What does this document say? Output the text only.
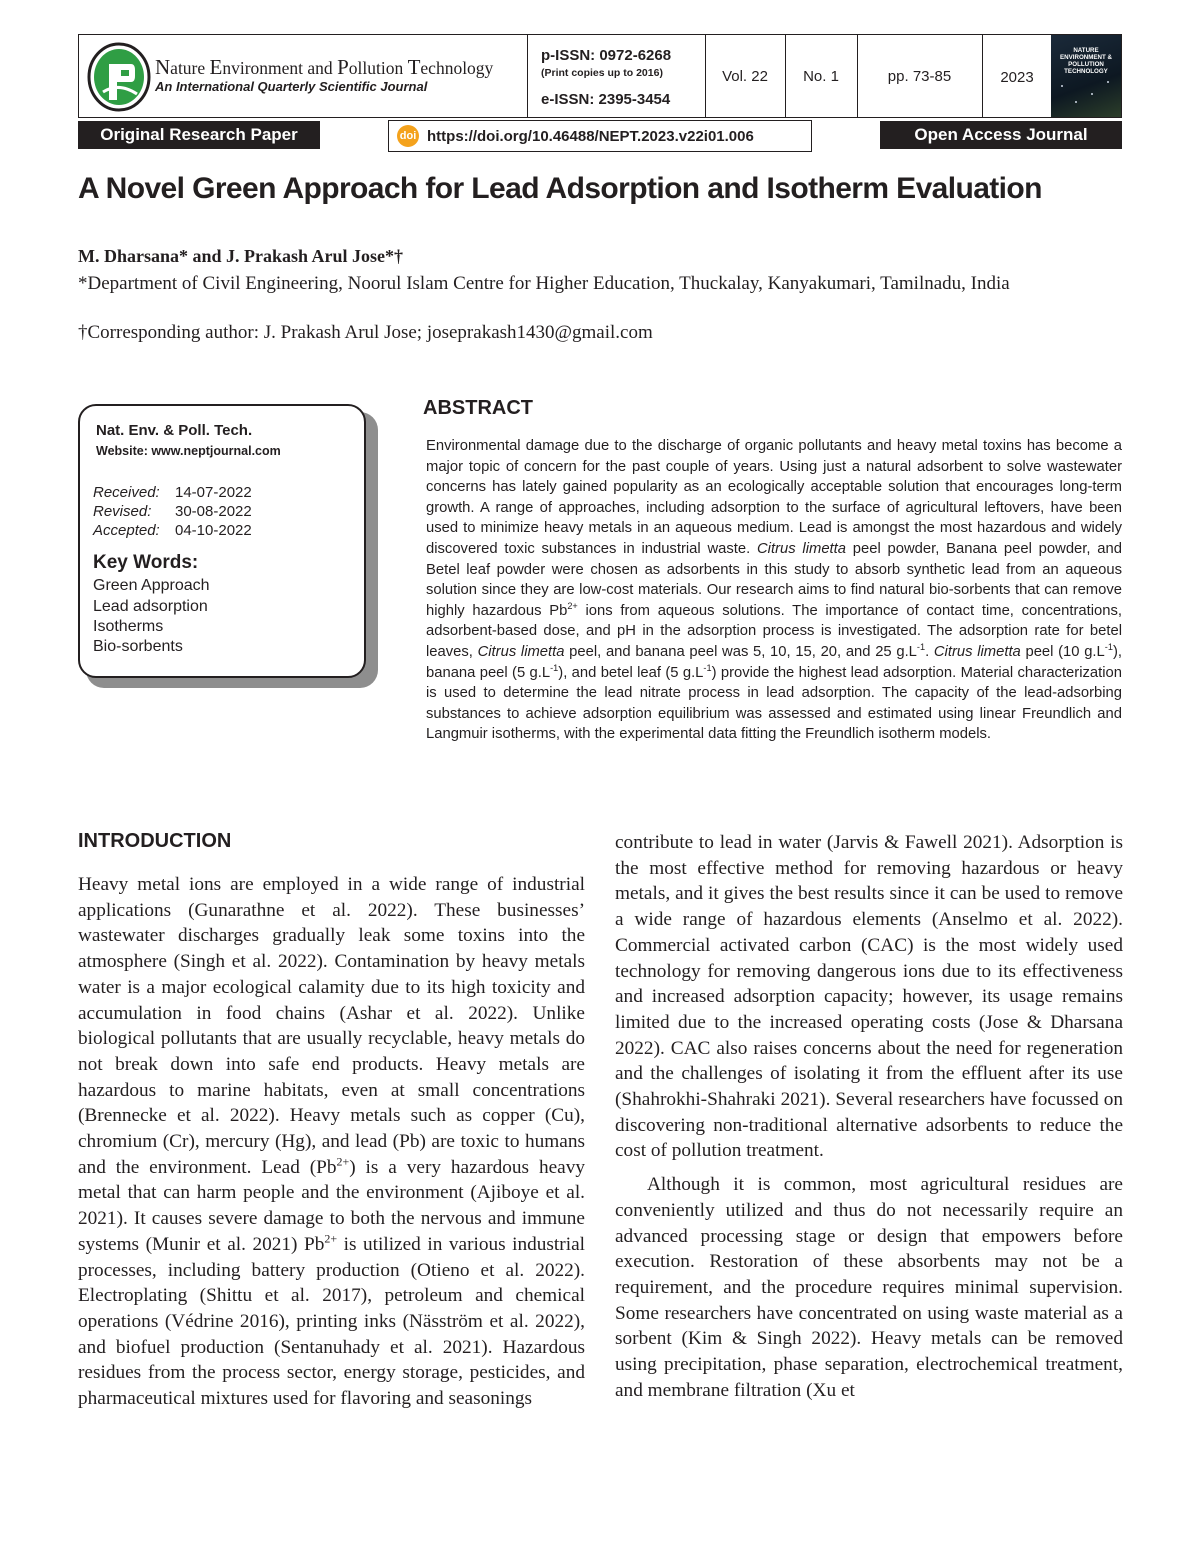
Nature Environment and Pollution Technology
An International Quarterly Scientific Journal
p-ISSN: 0972-6268
(Print copies up to 2016)
e-ISSN: 2395-3454
Vol. 22	No. 1	pp. 73-85	2023
NATURE ENVIRONMENT & POLLUTION TECHNOLOGY
Original Research Paper	doi https://doi.org/10.46488/NEPT.2023.v22i01.006	Open Access Journal
A Novel Green Approach for Lead Adsorption and Isotherm Evaluation
M. Dharsana* and J. Prakash Arul Jose*†
*Department of Civil Engineering, Noorul Islam Centre for Higher Education, Thuckalay, Kanyakumari, Tamilnadu, India
†Corresponding author: J. Prakash Arul Jose; joseprakash1430@gmail.com
Nat. Env. & Poll. Tech.
Website: www.neptjournal.com
Received: 14-07-2022
Revised: 30-08-2022
Accepted: 04-10-2022
Key Words:
Green Approach
Lead adsorption
Isotherms
Bio-sorbents
ABSTRACT
Environmental damage due to the discharge of organic pollutants and heavy metal toxins has become a major topic of concern for the past couple of years. Using just a natural adsorbent to solve wastewater concerns has lately gained popularity as an ecologically acceptable solution that encourages long-term growth. A range of approaches, including adsorption to the surface of agricultural leftovers, have been used to minimize heavy metals in an aqueous medium. Lead is amongst the most hazardous and widely discovered toxic substances in industrial waste. Citrus limetta peel powder, Banana peel powder, and Betel leaf powder were chosen as adsorbents in this study to absorb synthetic lead from an aqueous solution since they are low-cost materials. Our research aims to find natural bio-sorbents that can remove highly hazardous $Pb^{2+}$ ions from aqueous solutions. The importance of contact time, concentrations, adsorbent-based dose, and pH in the adsorption process is investigated. The adsorption rate for betel leaves, Citrus limetta peel, and banana peel was 5, 10, 15, 20, and 25 $g.L^{-1}$. Citrus limetta peel (10 $g.L^{-1}$), banana peel (5 $g.L^{-1}$), and betel leaf (5 $g.L^{-1}$) provide the highest lead adsorption. Material characterization is used to determine the lead nitrate process in lead adsorption. The capacity of the lead-adsorbing substances to achieve adsorption equilibrium was assessed and estimated using linear Freundlich and Langmuir isotherms, with the experimental data fitting the Freundlich isotherm models.
INTRODUCTION

Heavy metal ions are employed in a wide range of industrial applications (Gunarathne et al. 2022). These businesses’ wastewater discharges gradually leak some toxins into the atmosphere (Singh et al. 2022). Contamination by heavy metals water is a major ecological calamity due to its high toxicity and accumulation in food chains (Ashar et al. 2022). Unlike biological pollutants that are usually recyclable, heavy metals do not break down into safe end products. Heavy metals are hazardous to marine habitats, even at small concentrations (Brennecke et al. 2022). Heavy metals such as copper (Cu), chromium (Cr), mercury (Hg), and lead (Pb) are toxic to humans and the environment. Lead $(Pb^{2+})$ is a very hazardous heavy metal that can harm people and the environment (Ajiboye et al. 2021). It causes severe damage to both the nervous and immune systems (Munir et al. 2021) $Pb^{2+}$ is utilized in various industrial processes, including battery production (Otieno et al. 2022). Electroplating (Shittu et al. 2017), petroleum and chemical operations (Védrine 2016), printing inks (Näsström et al. 2022), and biofuel production (Sentanuhady et al. 2021). Hazardous residues from the process sector, energy storage, pesticides, and pharmaceutical mixtures used for flavoring and seasonings

contribute to lead in water (Jarvis & Fawell 2021). Adsorption is the most effective method for removing hazardous or heavy metals, and it gives the best results since it can be used to remove a wide range of hazardous elements (Anselmo et al. 2022). Commercial activated carbon (CAC) is the most widely used technology for removing dangerous ions due to its effectiveness and increased adsorption capacity; however, its usage remains limited due to the increased operating costs (Jose & Dharsana 2022). CAC also raises concerns about the need for regeneration and the challenges of isolating it from the effluent after its use (Shahrokhi-Shahraki 2021). Several researchers have focussed on discovering non-traditional alternative adsorbents to reduce the cost of pollution treatment.

Although it is common, most agricultural residues are conveniently utilized and thus do not necessarily require an advanced processing stage or design that empowers before execution. Restoration of these absorbents may not be a requirement, and the procedure requires minimal supervision. Some researchers have concentrated on using waste material as a sorbent (Kim & Singh 2022). Heavy metals can be removed using precipitation, phase separation, electrochemical treatment, and membrane filtration (Xu et
